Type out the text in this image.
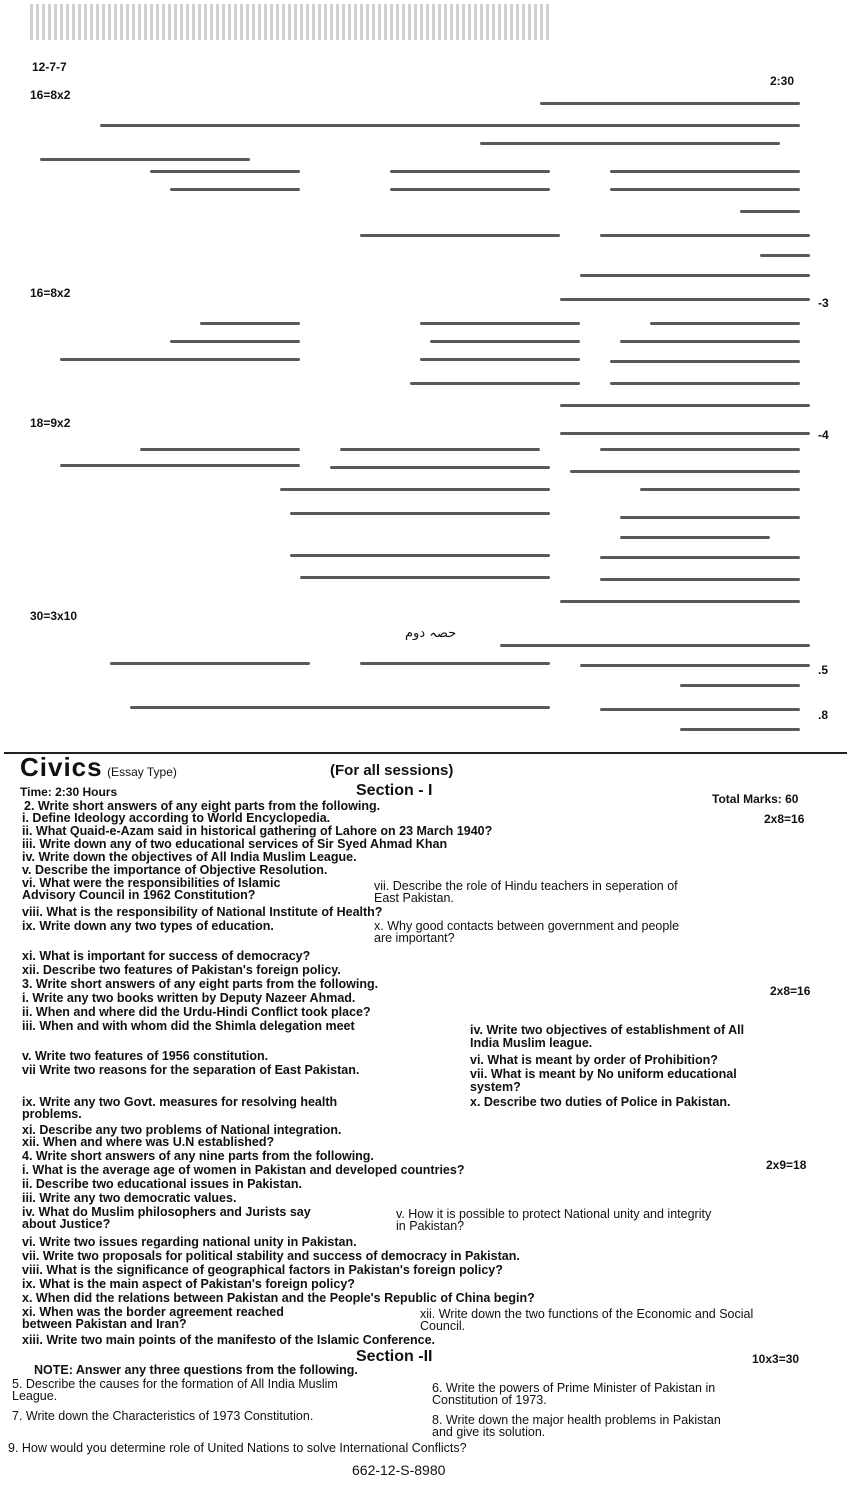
12-7-7
2:30
16=8x2
16=8x2
18=9x2
30=3x10
-3
-4
.5
.8
حصہ دوم
Civics (Essay Type)	(For all sessions)
Time: 2:30 Hours	Section - I	Total Marks: 60
2. Write short answers of any eight parts from the following.
2x8=16
i. Define Ideology according to World Encyclopedia.
ii. What Quaid-e-Azam said in historical gathering of Lahore on 23 March 1940?
iii. Write down any of two educational services of Sir Syed Ahmad Khan
iv. Write down the objectives of All India Muslim League.
v. Describe the importance of Objective Resolution.
vi. What were the responsibilities of Islamic
Advisory Council in 1962 Constitution?
vii. Describe the role of Hindu teachers in seperation of
East Pakistan.
viii. What is the responsibility of National Institute of Health?
ix. Write down any two types of education.	x. Why good contacts between government and people
are important?
xi. What is important for success of democracy?
xii. Describe two features of Pakistan's foreign policy.
3. Write short answers of any eight parts from the following.	2x8=16
i. Write any two books written by Deputy Nazeer Ahmad.
ii. When and where did the Urdu-Hindi Conflict took place?
iii. When and with whom did the Shimla delegation meet	iv. Write two objectives of establishment of All
India Muslim league.
v. Write two features of 1956 constitution.	vi. What is meant by order of Prohibition?
vii Write two reasons for the separation of East Pakistan.	vii. What is meant by No uniform educational
system?
ix. Write any two Govt. measures for resolving health
problems.
x. Describe two duties of Police in Pakistan.
xi. Describe any two problems of National integration.
xii. When and where was U.N established?
4. Write short answers of any nine parts from the following.
2x9=18
i. What is the average age of women in Pakistan and developed countries?
ii. Describe two educational issues in Pakistan.
iii. Write any two democratic values.
iv. What do Muslim philosophers and Jurists say
about Justice?
v. How it is possible to protect National unity and integrity
in Pakistan?
vi. Write two issues regarding national unity in Pakistan.
vii. Write two proposals for political stability and success of democracy in Pakistan.
viii. What is the significance of geographical factors in Pakistan's foreign policy?
ix. What is the main aspect of Pakistan's foreign policy?
x. When did the relations between Pakistan and the People's Republic of China begin?
xi. When was the border agreement reached
between Pakistan and Iran?
xii. Write down the two functions of the Economic and Social
Council.
xiii. Write two main points of the manifesto of the Islamic Conference.
Section -II	10x3=30
NOTE: Answer any three questions from the following.
5. Describe the causes for the formation of All India Muslim
League.
6. Write the powers of Prime Minister of Pakistan in
Constitution of 1973.
7. Write down the Characteristics of 1973 Constitution.	8. Write down the major health problems in Pakistan
and give its solution.
9. How would you determine role of United Nations to solve International Conflicts?
662-12-S-8980
